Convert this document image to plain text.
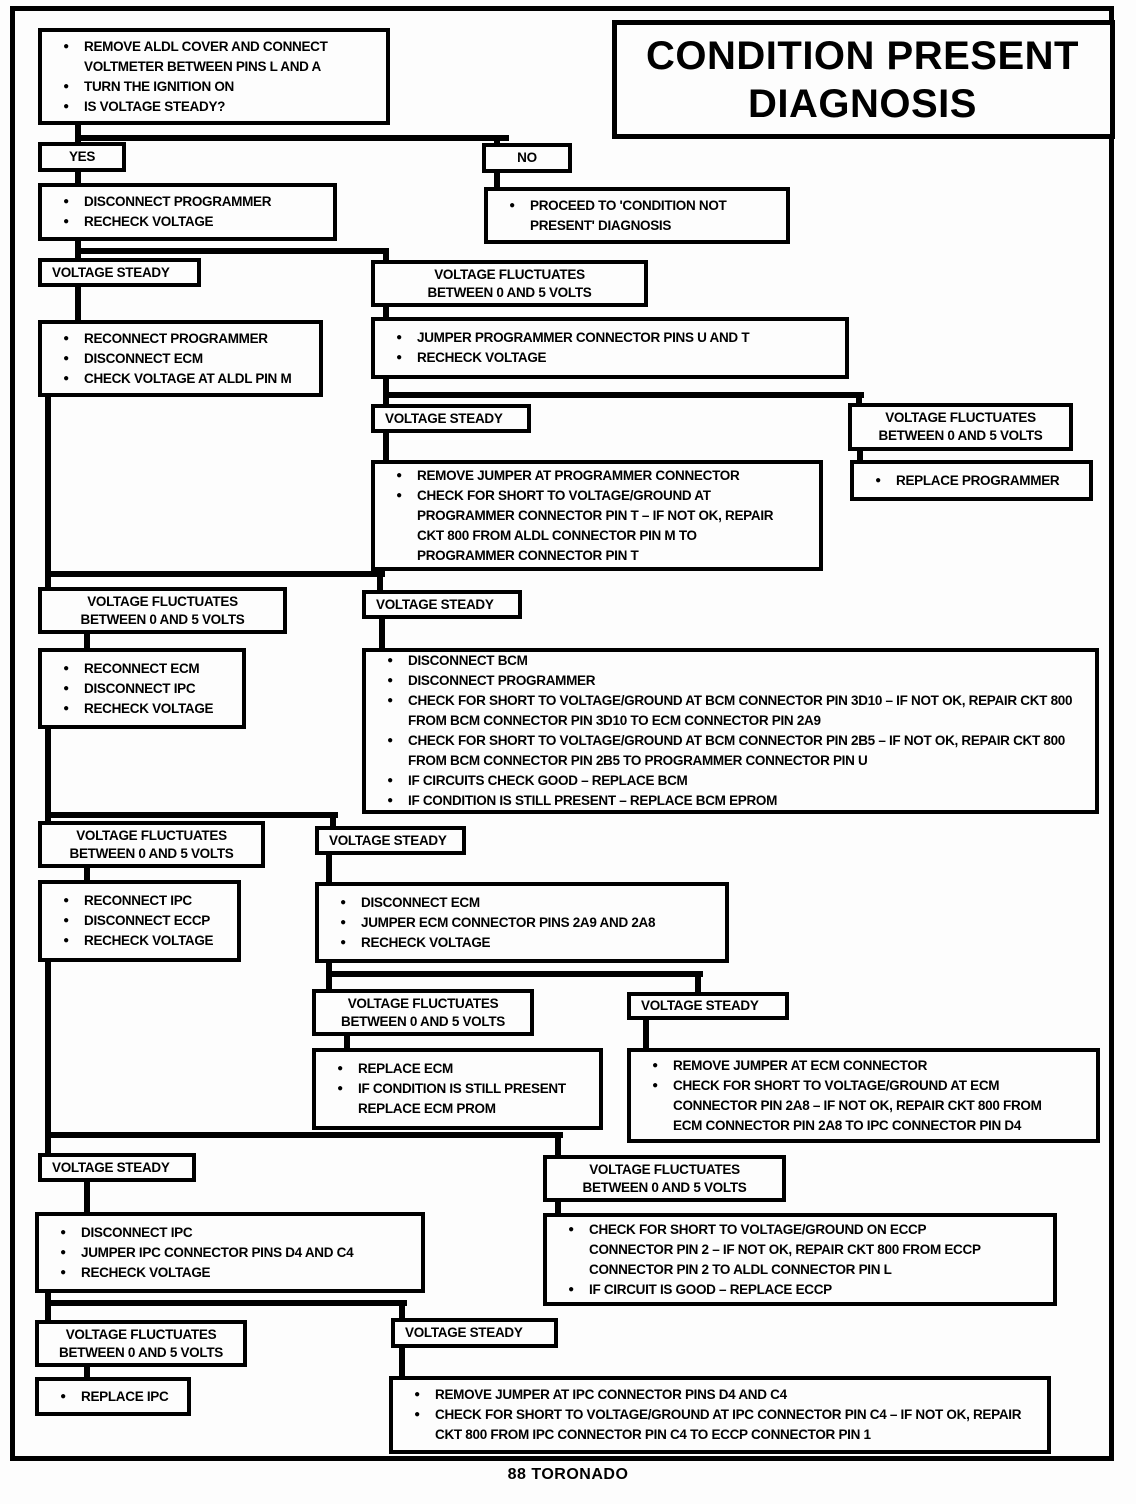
CONDITION PRESENT DIAGNOSIS
●	REMOVE ALDL COVER AND CONNECT VOLTMETER BETWEEN PINS L AND A
●	TURN THE IGNITION ON
●	IS VOLTAGE STEADY?
YES	NO
●	DISCONNECT PROGRAMMER
●	RECHECK VOLTAGE
●	PROCEED TO 'CONDITION NOT PRESENT' DIAGNOSIS
VOLTAGE STEADY	VOLTAGE FLUCTUATES BETWEEN 0 AND 5 VOLTS
●	RECONNECT PROGRAMMER
●	DISCONNECT ECM
●	CHECK VOLTAGE AT ALDL PIN M
●	JUMPER PROGRAMMER CONNECTOR PINS U AND T
●	RECHECK VOLTAGE
VOLTAGE STEADY	VOLTAGE FLUCTUATES BETWEEN 0 AND 5 VOLTS
●	REMOVE JUMPER AT PROGRAMMER CONNECTOR
●	CHECK FOR SHORT TO VOLTAGE/GROUND AT PROGRAMMER CONNECTOR PIN T – IF NOT OK, REPAIR CKT 800 FROM ALDL CONNECTOR PIN M TO PROGRAMMER CONNECTOR PIN T
●	REPLACE PROGRAMMER
VOLTAGE FLUCTUATES BETWEEN 0 AND 5 VOLTS
VOLTAGE STEADY
●	RECONNECT ECM
●	DISCONNECT IPC
●	RECHECK VOLTAGE
●	DISCONNECT BCM
●	DISCONNECT PROGRAMMER
●	CHECK FOR SHORT TO VOLTAGE/GROUND AT BCM CONNECTOR PIN 3D10 – IF NOT OK, REPAIR CKT 800 FROM BCM CONNECTOR PIN 3D10 TO ECM CONNECTOR PIN 2A9
●	CHECK FOR SHORT TO VOLTAGE/GROUND AT BCM CONNECTOR PIN 2B5 – IF NOT OK, REPAIR CKT 800 FROM BCM CONNECTOR PIN 2B5 TO PROGRAMMER CONNECTOR PIN U
●	IF CIRCUITS CHECK GOOD – REPLACE BCM
●	IF CONDITION IS STILL PRESENT – REPLACE BCM EPROM
VOLTAGE FLUCTUATES BETWEEN 0 AND 5 VOLTS
VOLTAGE STEADY
●	RECONNECT IPC
●	DISCONNECT ECCP
●	RECHECK VOLTAGE
●	DISCONNECT ECM
●	JUMPER ECM CONNECTOR PINS 2A9 AND 2A8
●	RECHECK VOLTAGE
VOLTAGE FLUCTUATES BETWEEN 0 AND 5 VOLTS
VOLTAGE STEADY
●	REPLACE ECM
●	IF CONDITION IS STILL PRESENT REPLACE ECM PROM
●	REMOVE JUMPER AT ECM CONNECTOR
●	CHECK FOR SHORT TO VOLTAGE/GROUND AT ECM CONNECTOR PIN 2A8 – IF NOT OK, REPAIR CKT 800 FROM ECM CONNECTOR PIN 2A8 TO IPC CONNECTOR PIN D4
VOLTAGE STEADY	VOLTAGE FLUCTUATES BETWEEN 0 AND 5 VOLTS
●	DISCONNECT IPC
●	JUMPER IPC CONNECTOR PINS D4 AND C4
●	RECHECK VOLTAGE
●	CHECK FOR SHORT TO VOLTAGE/GROUND ON ECCP CONNECTOR PIN 2 – IF NOT OK, REPAIR CKT 800 FROM ECCP CONNECTOR PIN 2 TO ALDL CONNECTOR PIN L
●	IF CIRCUIT IS GOOD – REPLACE ECCP
VOLTAGE FLUCTUATES BETWEEN 0 AND 5 VOLTS
VOLTAGE STEADY
●	REPLACE IPC	●	REMOVE JUMPER AT IPC CONNECTOR PINS D4 AND C4
●	CHECK FOR SHORT TO VOLTAGE/GROUND AT IPC CONNECTOR PIN C4 – IF NOT OK, REPAIR CKT 800 FROM IPC CONNECTOR PIN C4 TO ECCP CONNECTOR PIN 1
88 TORONADO
